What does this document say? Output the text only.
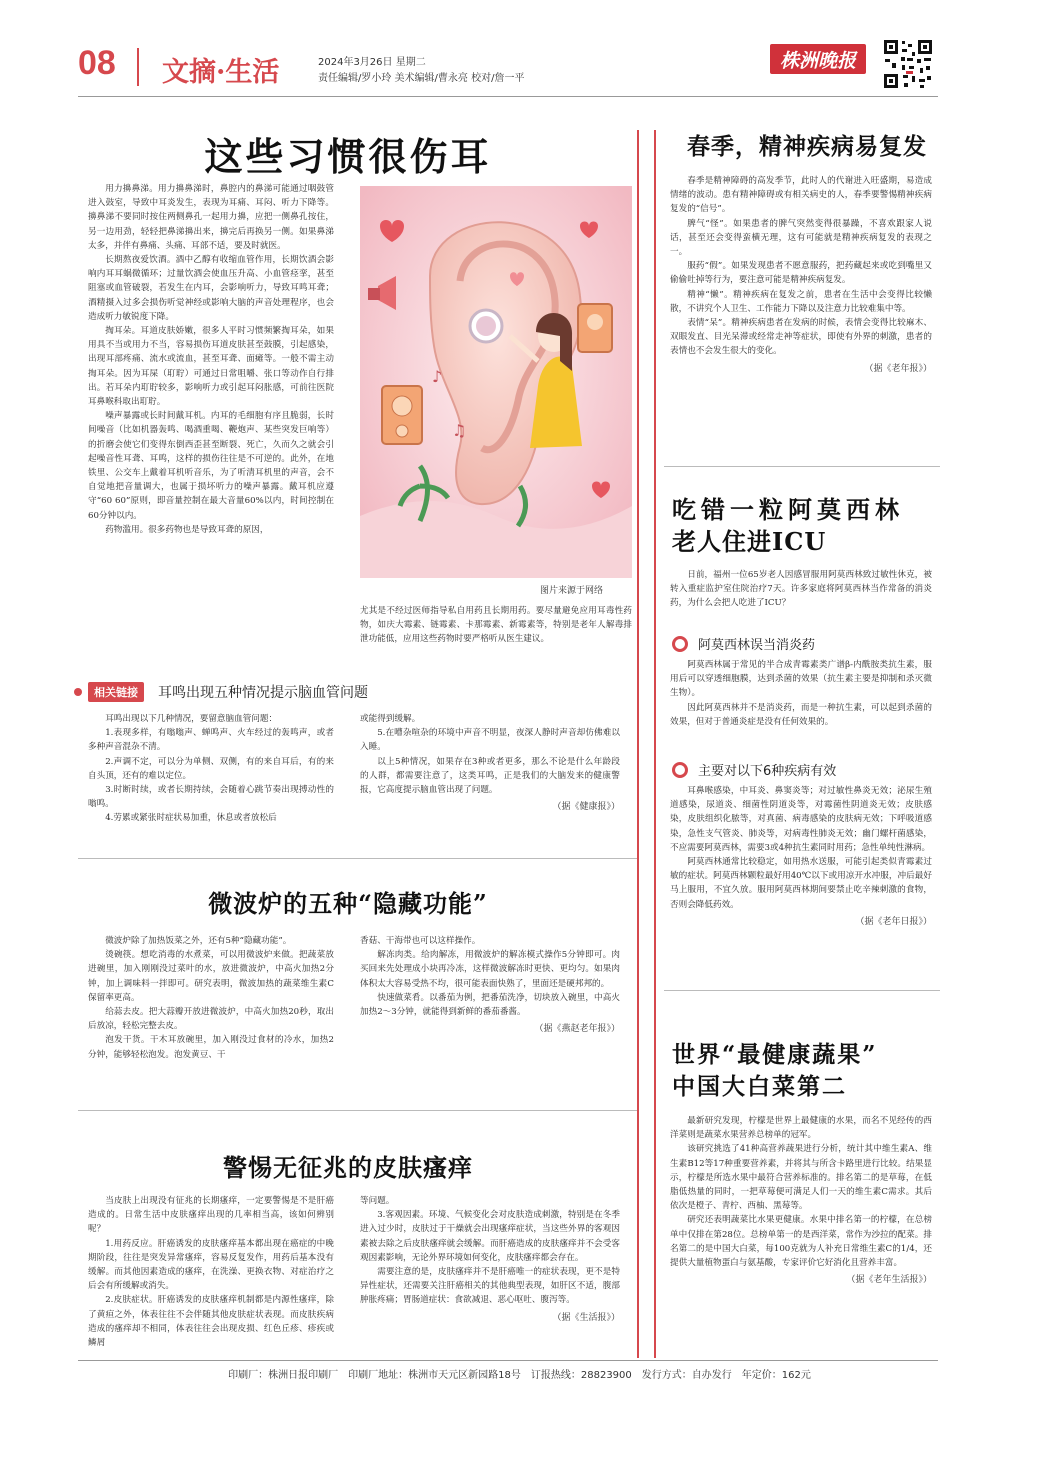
08 文摘·生活	2024年3月26日 星期二
责任编辑/罗小玲 美术编辑/曹永亮 校对/詹一平
株洲晚报
这些习惯很伤耳

用力擤鼻涕。用力擤鼻涕时，鼻腔内的鼻涕可能通过咽鼓管进入鼓室，导致中耳炎发生，表现为耳痛、耳闷、听力下降等。擤鼻涕不要同时按住两侧鼻孔一起用力擤，应把一侧鼻孔按住，另一边用劲，轻轻把鼻涕擤出来，擤完后再换另一侧。如果鼻涕太多，并伴有鼻痛、头痛、耳部不适，要及时就医。

长期熬夜爱饮酒。酒中乙醇有收缩血管作用，长期饮酒会影响内耳耳蜗微循环；过量饮酒会使血压升高、小血管痉挛，甚至阻塞或血管破裂，若发生在内耳，会影响听力，导致耳鸣耳聋；酒精摄入过多会损伤听觉神经或影响大脑的声音处理程序，也会造成听力敏锐度下降。

掏耳朵。耳道皮肤娇嫩，很多人平时习惯频繁掏耳朵，如果用具不当或用力不当，容易损伤耳道皮肤甚至鼓膜，引起感染，出现耳部疼痛、流水或流血，甚至耳聋、面瘫等。一般不需主动掏耳朵。因为耳屎（耵聍）可通过日常咀嚼、张口等动作自行排出。若耳朵内耵聍较多，影响听力或引起耳闷胀感，可前往医院耳鼻喉科取出耵聍。

噪声暴露或长时间戴耳机。内耳的毛细胞有序且脆弱，长时间噪音（比如机器轰鸣、喝酒重喝、鞭炮声、某些突发巨响等）的折磨会使它们变得东倒西歪甚至断裂、死亡，久而久之就会引起噪音性耳聋、耳鸣，这样的损伤往往是不可逆的。此外，在地铁里、公交车上戴着耳机听音乐，为了听清耳机里的声音，会不自觉地把音量调大，也属于损坏听力的噪声暴露。戴耳机应遵守“60 60”原则，即音量控制在最大音量60%以内，时间控制在60分钟以内。

药物滥用。很多药物也是导致耳聋的原因，

♪
♫
图片来源于网络

尤其是不经过医师指导私自用药且长期用药。要尽量避免应用耳毒性药物，如庆大霉素、链霉素、卡那霉素、新霉素等，特别是老年人解毒排泄功能低，应用这些药物时要严格听从医生建议。

相关链接	耳鸣出现五种情况提示脑血管问题

耳鸣出现以下几种情况，要留意脑血管问题：

1.表现多样，有嗡嗡声、蝉鸣声、火车经过的轰鸣声，或者多种声音混杂不清。

2.声调不定，可以分为单侧、双侧，有的来自耳后，有的来自头顶，还有的难以定位。

3.时断时续，或者长期持续，会随着心跳节奏出现搏动性的嗡鸣。

4.劳累或紧张时症状易加重，休息或者放松后

或能得到缓解。

5.在嘈杂喧杂的环境中声音不明显，夜深人静时声音却仿佛难以入睡。

以上5种情况，如果存在3种或者更多，那么不论是什么年龄段的人群，都需要注意了，这类耳鸣，正是我们的大脑发来的健康警报，它高度提示脑血管出现了问题。

（据《健康报》）
微波炉的五种“隐藏功能”

微波炉除了加热饭菜之外，还有5种“隐藏功能”。

烫碗筷。想吃消毒的水煮菜，可以用微波炉来做。把蔬菜放进碗里，加入刚刚没过菜叶的水，放进微波炉，中高火加热2分钟，加上调味料一拌即可。研究表明，微波加热的蔬菜维生素C保留率更高。

给蒜去皮。把大蒜瓣开放进微波炉，中高火加热20秒，取出后放凉，轻松完整去皮。

泡发干货。干木耳放碗里，加入刚没过食材的冷水，加热2分钟，能够轻松泡发。泡发黄豆、干

香菇、干海带也可以这样操作。

解冻肉类。给肉解冻，用微波炉的解冻模式操作5分钟即可。肉买回来先处理成小块再冷冻，这样微波解冻时更快、更均匀。如果肉体积太大容易受热不均，很可能表面快熟了，里面还是硬邦邦的。

快速做菜肴。以番茄为例，把番茄洗净，切块放入碗里，中高火加热2～3分钟，就能得到新鲜的番茄番酱。

（据《燕赵老年报》）
警惕无征兆的皮肤瘙痒

当皮肤上出现没有征兆的长期瘙痒，一定要警惕是不是肝癌造成的。日常生活中皮肤瘙痒出现的几率相当高，该如何辨别呢？

1.用药反应。肝癌诱发的皮肤瘙痒基本都出现在癌症的中晚期阶段，往往是突发异常瘙痒，容易反复发作，用药后基本没有缓解。而其他因素造成的瘙痒，在洗澡、更换衣物、对症治疗之后会有所缓解或消失。

2.皮肤症状。肝癌诱发的皮肤瘙痒机制都是内源性瘙痒，除了黄疸之外，体表往往不会伴随其他皮肤症状表现。而皮肤疾病造成的瘙痒却不相同，体表往往会出现皮损、红色丘疹、疹疾或鳞屑

等问题。

3.客观因素。环境、气候变化会对皮肤造成刺激，特别是在冬季进入过少时，皮肤过于干燥就会出现瘙痒症状，当这些外界的客观因素被去除之后皮肤瘙痒就会缓解。而肝癌造成的皮肤瘙痒并不会受客观因素影响，无论外界环境如何变化，皮肤瘙痒都会存在。

需要注意的是，皮肤瘙痒并不是肝癌唯一的症状表现，更不是特异性症状，还需要关注肝癌相关的其他典型表现，如肝区不适，腹部肿胀疼痛；胃肠道症状：食欲减退、恶心呕吐、腹泻等。

（据《生活报》）
春季，精神疾病易复发

春季是精神障碍的高发季节，此时人的代谢进入旺盛期，易造成情绪的波动。患有精神障碍或有相关病史的人，春季要警惕精神疾病复发的“信号”。

脾气“怪”。如果患者的脾气突然变得很暴躁，不喜欢跟家人说话，甚至还会变得蛮横无理，这有可能就是精神疾病复发的表现之一。

服药“假”。如果发现患者不愿意服药，把药藏起来或吃到嘴里又偷偷吐掉等行为，要注意可能是精神疾病复发。

精神“懒”。精神疾病在复发之前，患者在生活中会变得比较懒散，不讲究个人卫生、工作能力下降以及注意力比较难集中等。

表情“呆”。精神疾病患者在发病的时候，表情会变得比较麻木、双眼发直、目光呆滞或经常走神等症状，即使有外界的刺激，患者的表情也不会发生很大的变化。

（据《老年报》）
吃错一粒阿莫西林
老人住进ICU

日前，福州一位65岁老人因感冒服用阿莫西林致过敏性休克，被转入重症监护室住院治疗7天。许多家庭将阿莫西林当作常备的消炎药，为什么会把人吃进了ICU？

阿莫西林误当消炎药

阿莫西林属于常见的半合成青霉素类广谱β-内酰胺类抗生素，服用后可以穿透细胞膜，达到杀菌的效果（抗生素主要是抑制和杀灭微生物）。

因此阿莫西林并不是消炎药，而是一种抗生素，可以起到杀菌的效果，但对于普通炎症是没有任何效果的。

主要对以下6种疾病有效

耳鼻喉感染，中耳炎、鼻窦炎等；对过敏性鼻炎无效；泌尿生殖道感染，尿道炎、细菌性阴道炎等，对霉菌性阴道炎无效；皮肤感染，皮肤组织化脓等，对真菌、病毒感染的皮肤病无效；下呼吸道感染，急性支气管炎、肺炎等，对病毒性肺炎无效；幽门螺杆菌感染，不应需要阿莫西林，需要3或4种抗生素同时用药；急性单纯性淋病。

阿莫西林通常比较稳定，如用热水送服，可能引起类似青霉素过敏的症状。阿莫西林颗粒最好用40℃以下或用凉开水冲服，冲后最好马上服用，不宜久放。服用阿莫西林期间要禁止吃辛辣刺激的食物，否则会降低药效。

（据《老年日报》）
世界“最健康蔬果”
中国大白菜第二

最新研究发现，柠檬是世界上最健康的水果，而名不见经传的西洋菜则是蔬菜水果营养总榜单的冠军。

该研究挑选了41种高营养蔬果进行分析，统计其中维生素A、维生素B12等17种重要营养素，并将其与所含卡路里进行比较。结果显示，柠檬是所选水果中最符合营养标准的。排名第二的是草莓，在低脂低热量的同时，一把草莓便可满足人们一天的维生素C需求。其后依次是橙子、青柠、西柚、黑莓等。

研究还表明蔬菜比水果更健康。水果中排名第一的柠檬，在总榜单中仅排在第28位。总榜单第一的是西洋菜，常作为沙拉的配菜。排名第二的是中国大白菜，每100克就为人补充日常维生素C的1/4，还提供大量植物蛋白与氨基酸，专家评价它好消化且营养丰富。

（据《老年生活报》）
印刷厂：株洲日报印刷厂　印刷厂地址：株洲市天元区新园路18号　订报热线：28823900　发行方式：自办发行　年定价：162元
